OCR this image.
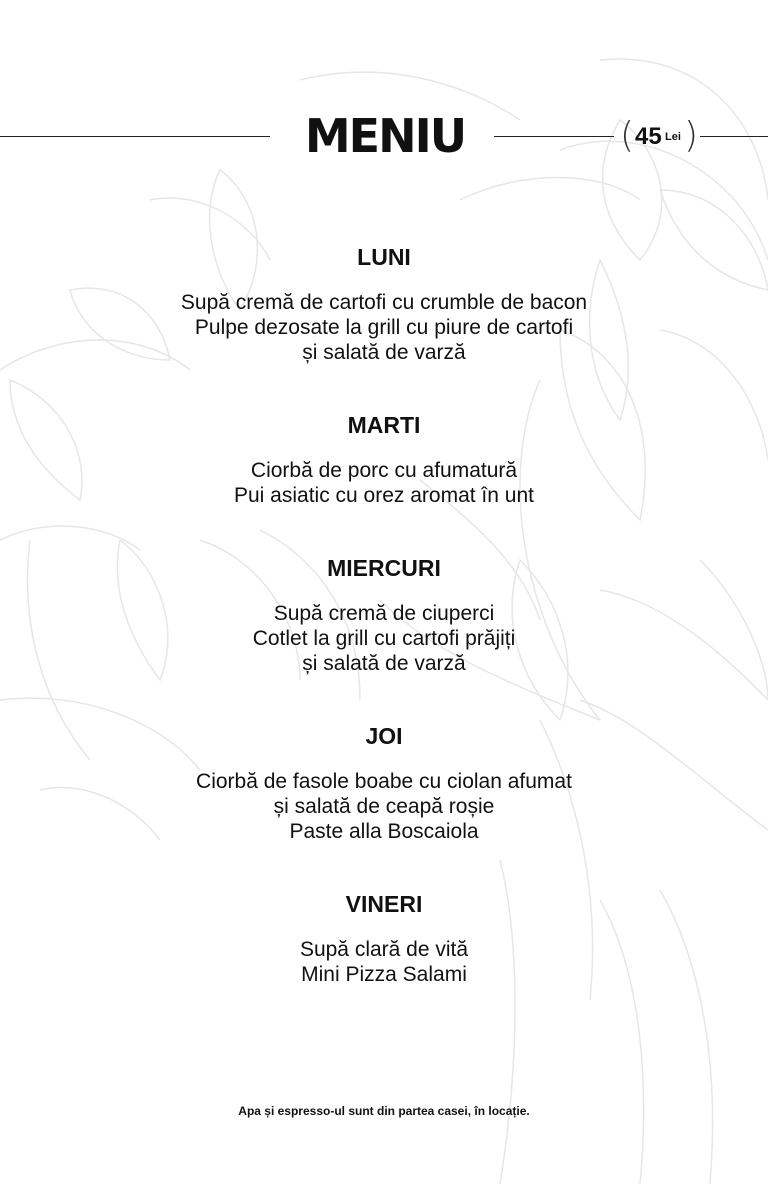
MENIU	( 45 Lei )
LUNI
Supă cremă de cartofi cu crumble de bacon
Pulpe dezosate la grill cu piure de cartofi
și salată de varză
MARTI
Ciorbă de porc cu afumatură
Pui asiatic cu orez aromat în unt
MIERCURI
Supă cremă de ciuperci
Cotlet la grill cu cartofi prăjiți
și salată de varză
JOI
Ciorbă de fasole boabe cu ciolan afumat
și salată de ceapă roșie
Paste alla Boscaiola
VINERI
Supă clară de vită
Mini Pizza Salami
Apa și espresso-ul sunt din partea casei, în locație.
